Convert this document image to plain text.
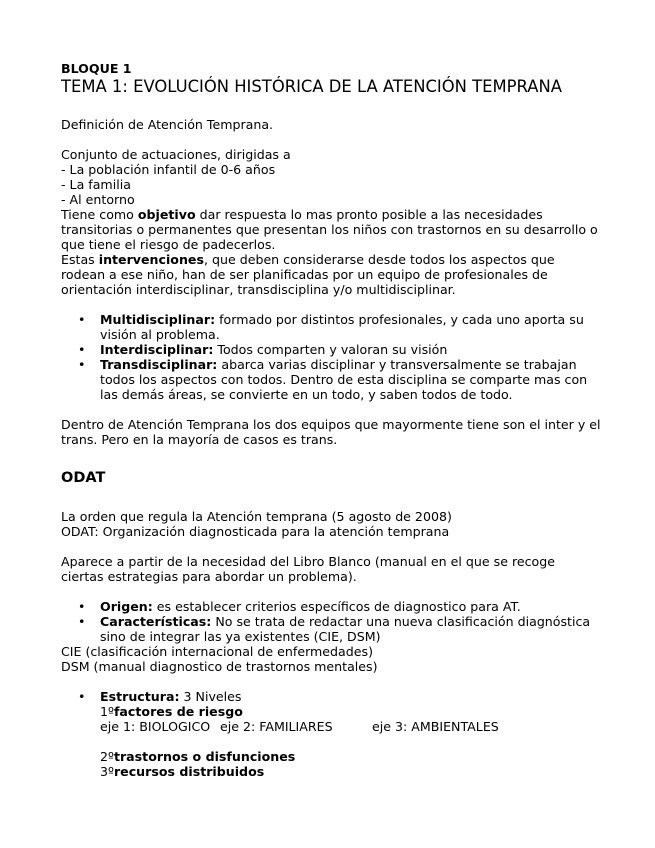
BLOQUE 1
TEMA 1: EVOLUCIÓN HISTÓRICA DE LA ATENCIÓN TEMPRANA

Definición de Atención Temprana.

Conjunto de actuaciones, dirigidas a

- La población infantil de 0-6 años

- La familia

- Al entorno

Tiene como objetivo dar respuesta lo mas pronto posible a las necesidades transitorias o permanentes que presentan los niños con trastornos en su desarrollo o que tiene el riesgo de padecerlos.

Estas intervenciones, que deben considerarse desde todos los aspectos que rodean a ese niño, han de ser planificadas por un equipo de profesionales de orientación interdisciplinar, transdisciplina y/o multidisciplinar.

• Multidisciplinar: formado por distintos profesionales, y cada uno aporta su visión al problema.
• Interdisciplinar: Todos comparten y valoran su visión
• Transdisciplinar: abarca varias disciplinar y transversalmente se trabajan todos los aspectos con todos. Dentro de esta disciplina se comparte mas con las demás áreas, se convierte en un todo, y saben todos de todo.

Dentro de Atención Temprana los dos equipos que mayormente tiene son el inter y el trans. Pero en la mayoría de casos es trans.

ODAT

La orden que regula la Atención temprana (5 agosto de 2008)

ODAT: Organización diagnosticada para la atención temprana

Aparece a partir de la necesidad del Libro Blanco (manual en el que se recoge ciertas estrategias para abordar un problema).

• Origen: es establecer criterios específicos de diagnostico para AT.
• Características: No se trata de redactar una nueva clasificación diagnóstica sino de integrar las ya existentes (CIE, DSM)

CIE (clasificación internacional de enfermedades)

DSM (manual diagnostico de trastornos mentales)

• Estructura: 3 Niveles
1ºfactores de riesgo
eje 1: BIOLOGICO eje 2: FAMILIARES	eje 3: AMBIENTALES
2ºtrastornos o disfunciones
3ºrecursos distribuidos
